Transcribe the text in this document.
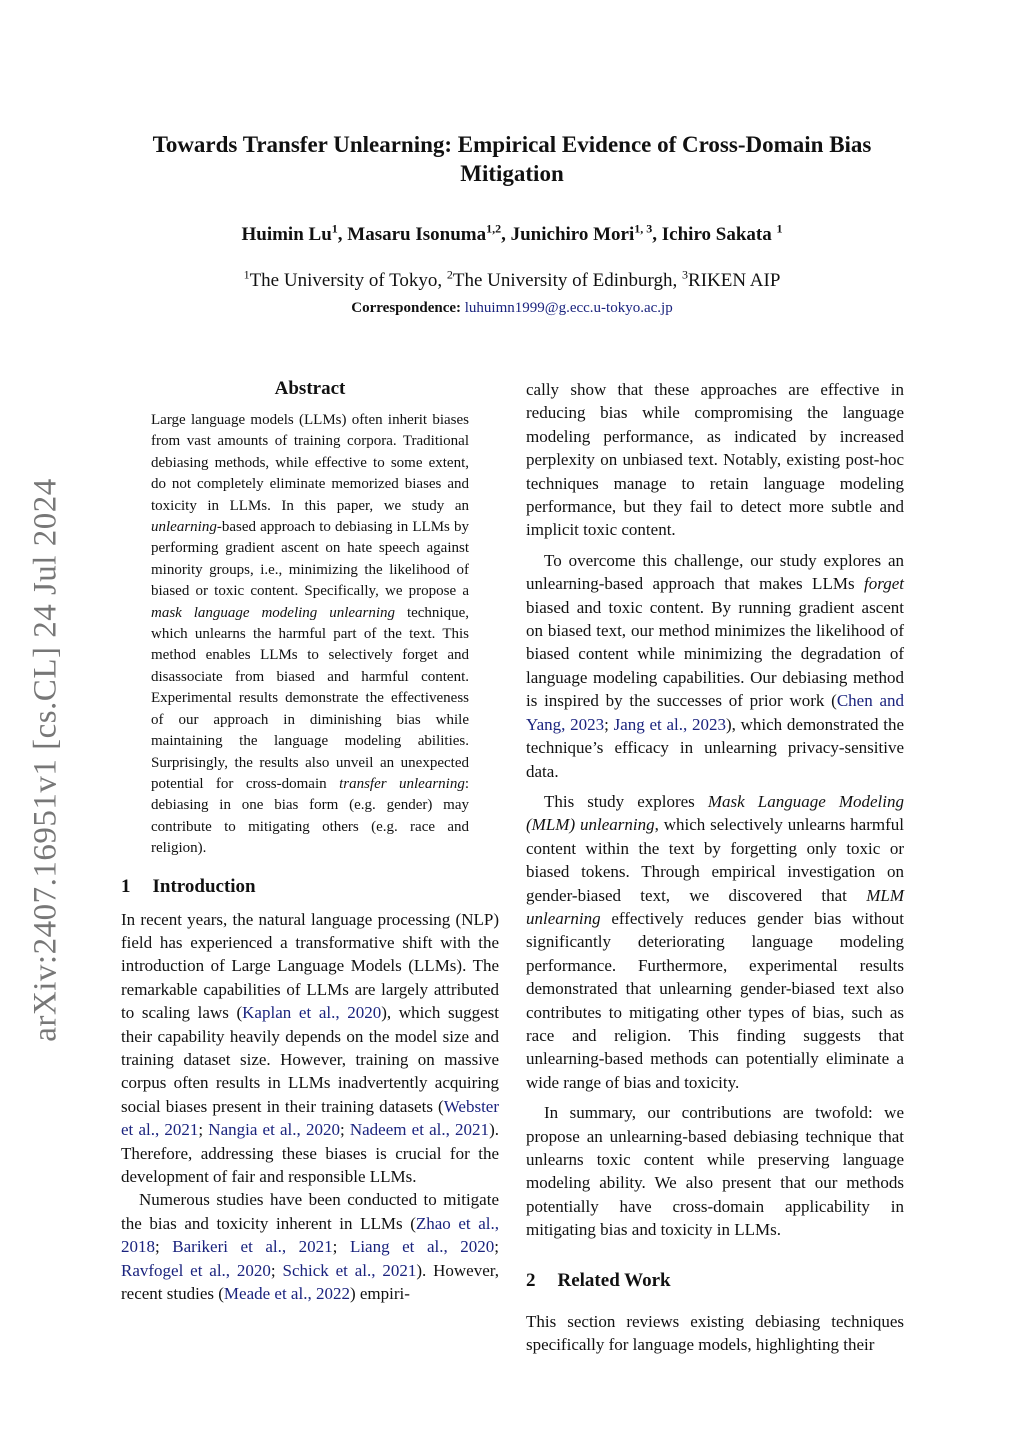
arXiv:2407.16951v1 [cs.CL] 24 Jul 2024
Towards Transfer Unlearning: Empirical Evidence of Cross-Domain Bias Mitigation
Huimin Lu$^1$, Masaru Isonuma$^{1,2}$, Junichiro Mori$^{1, 3}$, Ichiro Sakata $^1$
$^1$The University of Tokyo, $^2$The University of Edinburgh, $^3$RIKEN AIP
Correspondence: luhuimn1999@g.ecc.u-tokyo.ac.jp
Abstract

Large language models (LLMs) often inherit biases from vast amounts of training corpora. Traditional debiasing methods, while effective to some extent, do not completely eliminate memorized biases and toxicity in LLMs. In this paper, we study an unlearning-based approach to debiasing in LLMs by performing gradient ascent on hate speech against minority groups, i.e., minimizing the likelihood of biased or toxic content. Specifically, we propose a mask language modeling unlearning technique, which unlearns the harmful part of the text. This method enables LLMs to selectively forget and disassociate from biased and harmful content. Experimental results demonstrate the effectiveness of our approach in diminishing bias while maintaining the language modeling abilities. Surprisingly, the results also unveil an unexpected potential for cross-domain transfer unlearning: debiasing in one bias form (e.g. gender) may contribute to mitigating others (e.g. race and religion).

1 Introduction

In recent years, the natural language processing (NLP) field has experienced a transformative shift with the introduction of Large Language Models (LLMs). The remarkable capabilities of LLMs are largely attributed to scaling laws (Kaplan et al., 2020), which suggest their capability heavily depends on the model size and training dataset size. However, training on massive corpus often results in LLMs inadvertently acquiring social biases present in their training datasets (Webster et al., 2021; Nangia et al., 2020; Nadeem et al., 2021). Therefore, addressing these biases is crucial for the development of fair and responsible LLMs.

Numerous studies have been conducted to mitigate the bias and toxicity inherent in LLMs (Zhao et al., 2018; Barikeri et al., 2021; Liang et al., 2020; Ravfogel et al., 2020; Schick et al., 2021). However, recent studies (Meade et al., 2022) empiri-

cally show that these approaches are effective in reducing bias while compromising the language modeling performance, as indicated by increased perplexity on unbiased text. Notably, existing post-hoc techniques manage to retain language modeling performance, but they fail to detect more subtle and implicit toxic content.

To overcome this challenge, our study explores an unlearning-based approach that makes LLMs forget biased and toxic content. By running gradient ascent on biased text, our method minimizes the likelihood of biased content while minimizing the degradation of language modeling capabilities. Our debiasing method is inspired by the successes of prior work (Chen and Yang, 2023; Jang et al., 2023), which demonstrated the technique’s efficacy in unlearning privacy-sensitive data.

This study explores Mask Language Modeling (MLM) unlearning, which selectively unlearns harmful content within the text by forgetting only toxic or biased tokens. Through empirical investigation on gender-biased text, we discovered that MLM unlearning effectively reduces gender bias without significantly deteriorating language modeling performance. Furthermore, experimental results demonstrated that unlearning gender-biased text also contributes to mitigating other types of bias, such as race and religion. This finding suggests that unlearning-based methods can potentially eliminate a wide range of bias and toxicity.

In summary, our contributions are twofold: we propose an unlearning-based debiasing technique that unlearns toxic content while preserving language modeling ability. We also present that our methods potentially have cross-domain applicability in mitigating bias and toxicity in LLMs.

2 Related Work

This section reviews existing debiasing techniques specifically for language models, highlighting their
